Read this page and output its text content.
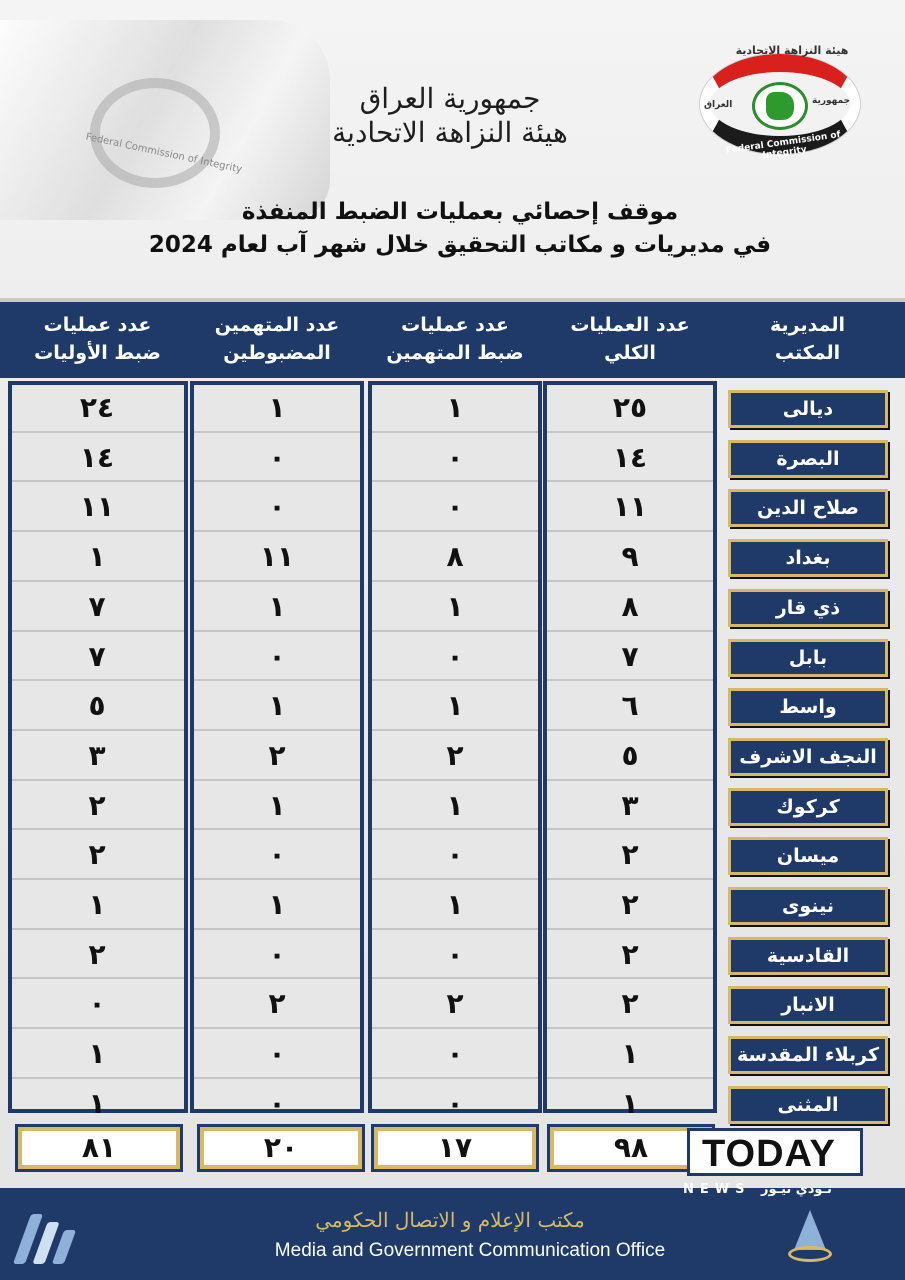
Federal Commission of Integrity
هيئة النزاهة الاتحادية
العراق	جمهورية
Federal Commission of Integrity
جمهورية العراق
هيئة النزاهة الاتحادية
موقف إحصائي بعمليات الضبط المنفذة
في مديريات و مكاتب التحقيق خلال شهر آب لعام 2024
المديرية
المكتب
عدد العمليات
الكلي
عدد عمليات
ضبط المتهمين
عدد المتهمين
المضبوطين
عدد عمليات
ضبط الأوليات
ديالى
٢٥
١
١
٢٤
البصرة
١٤
٠
٠
١٤
صلاح الدين
١١
٠
٠
١١
بغداد
٩
٨
١١
١
ذي قار
٨
١
١
٧
بابل
٧
٠
٠
٧
واسط
٦
١
١
٥
النجف الاشرف
٥
٢
٢
٣
كركوك
٣
١
١
٢
ميسان
٢
٠
٠
٢
نينوى
٢
١
١
١
القادسية
٢
٠
٠
٢
الانبار
٢
٢
٢
٠
كربلاء المقدسة
١
٠
٠
١
المثنى
١
٠
٠
١
٩٨
١٧
٢٠
٨١
مكتب الإعلام و الاتصال الحكومي
Media and Government Communication Office
TODAY
NEWS تـودي نيـوز
